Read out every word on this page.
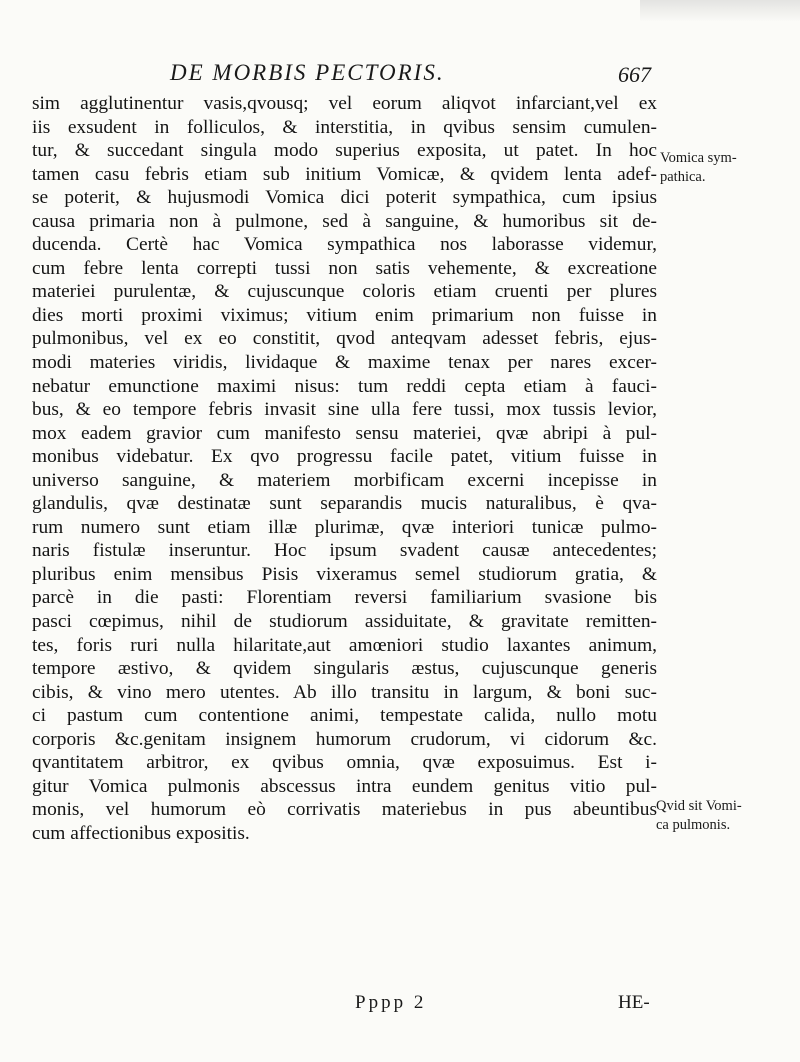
DE MORBIS PECTORIS.	667
sim agglutinentur vasis,qvousq; vel eorum aliqvot infarciant,vel ex
iis exsudent in folliculos, & interstitia, in qvibus sensim cumulen-
tur, & succedant singula modo superius exposita, ut patet. In hoc
tamen casu febris etiam sub initium Vomicæ, & qvidem lenta adef-
se poterit, & hujusmodi Vomica dici poterit sympathica, cum ipsius
causa primaria non à pulmone, sed à sanguine, & humoribus sit de-
ducenda. Certè hac Vomica sympathica nos laborasse videmur,
cum febre lenta correpti tussi non satis vehemente, & excreatione
materiei purulentæ, & cujuscunque coloris etiam cruenti per plures
dies morti proximi viximus; vitium enim primarium non fuisse in
pulmonibus, vel ex eo constitit, qvod anteqvam adesset febris, ejus-
modi materies viridis, lividaque & maxime tenax per nares excer-
nebatur emunctione maximi nisus: tum reddi cepta etiam à fauci-
bus, & eo tempore febris invasit sine ulla fere tussi, mox tussis levior,
mox eadem gravior cum manifesto sensu materiei, qvæ abripi à pul-
monibus videbatur. Ex qvo progressu facile patet, vitium fuisse in
universo sanguine, & materiem morbificam excerni incepisse in
glandulis, qvæ destinatæ sunt separandis mucis naturalibus, è qva-
rum numero sunt etiam illæ plurimæ, qvæ interiori tunicæ pulmo-
naris fistulæ inseruntur. Hoc ipsum svadent causæ antecedentes;
pluribus enim mensibus Pisis vixeramus semel studiorum gratia, &
parcè in die pasti: Florentiam reversi familiarium svasione bis
pasci cœpimus, nihil de studiorum assiduitate, & gravitate remitten-
tes, foris ruri nulla hilaritate,aut amœniori studio laxantes animum,
tempore æstivo, & qvidem singularis æstus, cujuscunque generis
cibis, & vino mero utentes. Ab illo transitu in largum, & boni suc-
ci pastum cum contentione animi, tempestate calida, nullo motu
corporis &c.genitam insignem humorum crudorum, vi cidorum &c.
qvantitatem arbitror, ex qvibus omnia, qvæ exposuimus. Est i-
gitur Vomica pulmonis abscessus intra eundem genitus vitio pul-
monis, vel humorum eò corrivatis materiebus in pus abeuntibus
cum affectionibus expositis.
Vomica sym-
pathica.
Qvid sit Vomi-
ca pulmonis.
Pppp 2	HE-
